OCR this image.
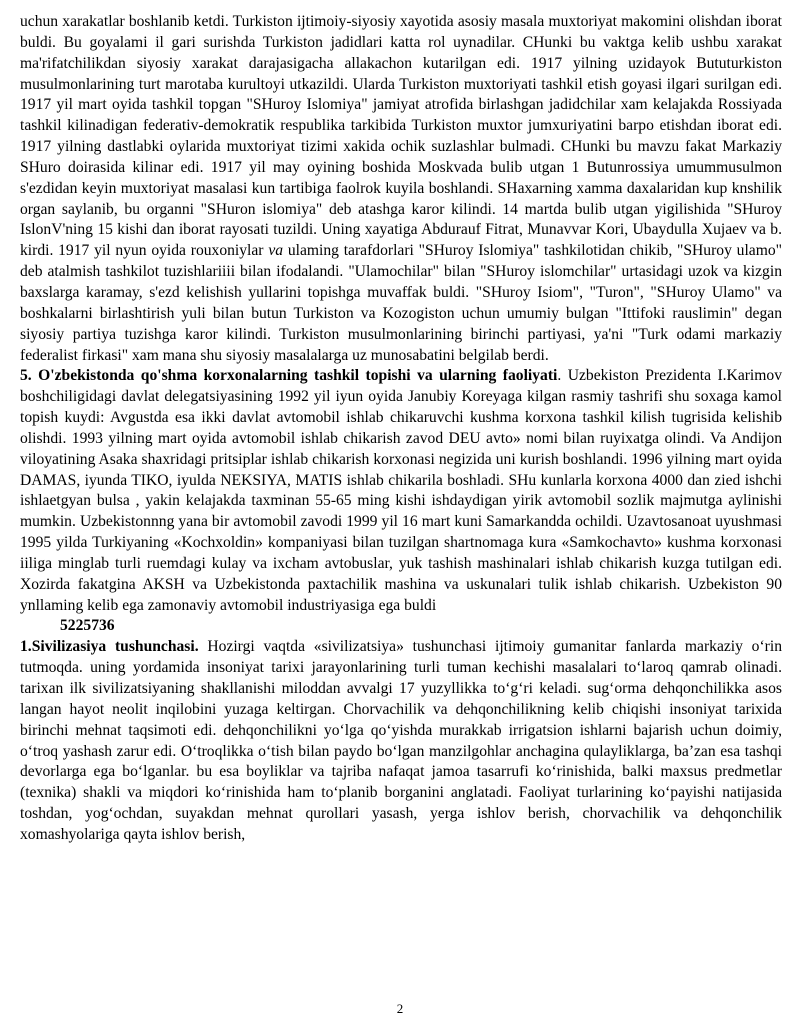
uchun xarakatlar boshlanib ketdi. Turkiston ijtimoiy-siyosiy xayotida asosiy masala muxtoriyat makomini olishdan iborat buldi. Bu goyalami il gari surishda Turkiston jadidlari katta rol uynadilar. CHunki bu vaktga kelib ushbu xarakat ma'rifatchilikdan siyosiy xarakat darajasigacha allakachon kutarilgan edi. 1917 yilning uzidayok Bututurkiston musulmonlarining turt marotaba kurultoyi utkazildi. Ularda Turkiston muxtoriyati tashkil etish goyasi ilgari surilgan edi. 1917 yil mart oyida tashkil topgan "SHuroy Islomiya" jamiyat atrofida birlashgan jadidchilar xam kelajakda Rossiyada tashkil kilinadigan federativ-demokratik respublika tarkibida Turkiston muxtor jumxuriyatini barpo etishdan iborat edi. 1917 yilning dastlabki oylarida muxtoriyat tizimi xakida ochik suzlashlar bulmadi. CHunki bu mavzu fakat Markaziy SHuro doirasida kilinar edi. 1917 yil may oyining boshida Moskvada bulib utgan 1 Butunrossiya umummusulmon s'ezdidan keyin muxtoriyat masalasi kun tartibiga faolrok kuyila boshlandi. SHaxarning xamma daxalaridan kup knshilik organ saylanib, bu organni "SHuron islomiya" deb atashga karor kilindi. 14 martda bulib utgan yigilishida "SHuroy IslonV'ning 15 kishi dan iborat rayosati tuzildi. Uning xayatiga Abdurauf Fitrat, Munavvar Kori, Ubaydulla Xujaev va b. kirdi. 1917 yil nyun oyida rouxoniylar va ulaming tarafdorlari "SHuroy Islomiya" tashkilotidan chikib, "SHuroy ulamo" deb atalmish tashkilot tuzishlariiii bilan ifodalandi. "Ulamochilar" bilan "SHuroy islomchilar" urtasidagi uzok va kizgin baxslarga karamay, s'ezd kelishish yullarini topishga muvaffak buldi. "SHuroy Isiom", "Turon", "SHuroy Ulamo" va boshkalarni birlashtirish yuli bilan butun Turkiston va Kozogiston uchun umumiy bulgan "Ittifoki rauslimin" degan siyosiy partiya tuzishga karor kilindi. Turkiston musulmonlarining birinchi partiyasi, ya'ni "Turk odami markaziy federalist firkasi" xam mana shu siyosiy masalalarga uz munosabatini belgilab berdi.

5. O'zbekistonda qo'shma korxonalarning tashkil topishi va ularning faoliyati. Uzbekiston Prezidenta I.Karimov boshchiligidagi davlat delegatsiyasining 1992 yil iyun oyida Janubiy Koreyaga kilgan rasmiy tashrifi shu soxaga kamol topish kuydi: Avgustda esa ikki davlat avtomobil ishlab chikaruvchi kushma korxona tashkil kilish tugrisida kelishib olishdi. 1993 yilning mart oyida avtomobil ishlab chikarish zavod DEU avto» nomi bilan ruyixatga olindi. Va Andijon viloyatining Asaka shaxridagi pritsiplar ishlab chikarish korxonasi negizida uni kurish boshlandi. 1996 yilning mart oyida DAMAS, iyunda TIKO, iyulda NEKSIYA, MATIS ishlab chikarila boshladi. SHu kunlarla korxona 4000 dan zied ishchi ishlaetgyan bulsa , yakin kelajakda taxminan 55-65 ming kishi ishdaydigan yirik avtomobil sozlik majmutga aylinishi mumkin. Uzbekistonnng yana bir avtomobil zavodi 1999 yil 16 mart kuni Samarkandda ochildi. Uzavtosanoat uyushmasi 1995 yilda Turkiyaning «Kochxoldin» kompaniyasi bilan tuzilgan shartnomaga kura «Samkochavto» kushma korxonasi iiliga minglab turli ruemdagi kulay va ixcham avtobuslar, yuk tashish mashinalari ishlab chikarish kuzga tutilgan edi. Xozirda fakatgina AKSH va Uzbekistonda paxtachilik mashina va uskunalari tulik ishlab chikarish. Uzbekiston 90 ynllaming kelib ega zamonaviy avtomobil industriyasiga ega buldi

5225736

1.Sivilizasiya tushunchasi. Hozirgi vaqtda «sivilizatsiya» tushunchasi ijtimoiy gumanitar fanlarda markaziy o‘rin tutmoqda. uning yordamida insoniyat tarixi jarayonlarining turli tuman kechishi masalalari to‘laroq qamrab olinadi. tarixan ilk sivilizatsiyaning shakllanishi miloddan avvalgi 17 yuzyllikka to‘g‘ri keladi. sug‘orma dehqonchilikka asos langan hayot neolit inqilobini yuzaga keltirgan. Chorvachilik va dehqonchilikning kelib chiqishi insoniyat tarixida birinchi mehnat taqsimoti edi. dehqonchilikni yo‘lga qo‘yishda murakkab irrigatsion ishlarni bajarish uchun doimiy, o‘troq yashash zarur edi. O‘troqlikka o‘tish bilan paydo bo‘lgan manzilgohlar anchagina qulayliklarga, ba’zan esa tashqi devorlarga ega bo‘lganlar. bu esa boyliklar va tajriba nafaqat jamoa tasarrufi ko‘rinishida, balki maxsus predmetlar (texnika) shakli va miqdori ko‘rinishida ham to‘planib borganini anglatadi. Faoliyat turlarining ko‘payishi natijasida toshdan, yog‘ochdan, suyakdan mehnat qurollari yasash, yerga ishlov berish, chorvachilik va dehqonchilik xomashyolariga qayta ishlov berish,

2
